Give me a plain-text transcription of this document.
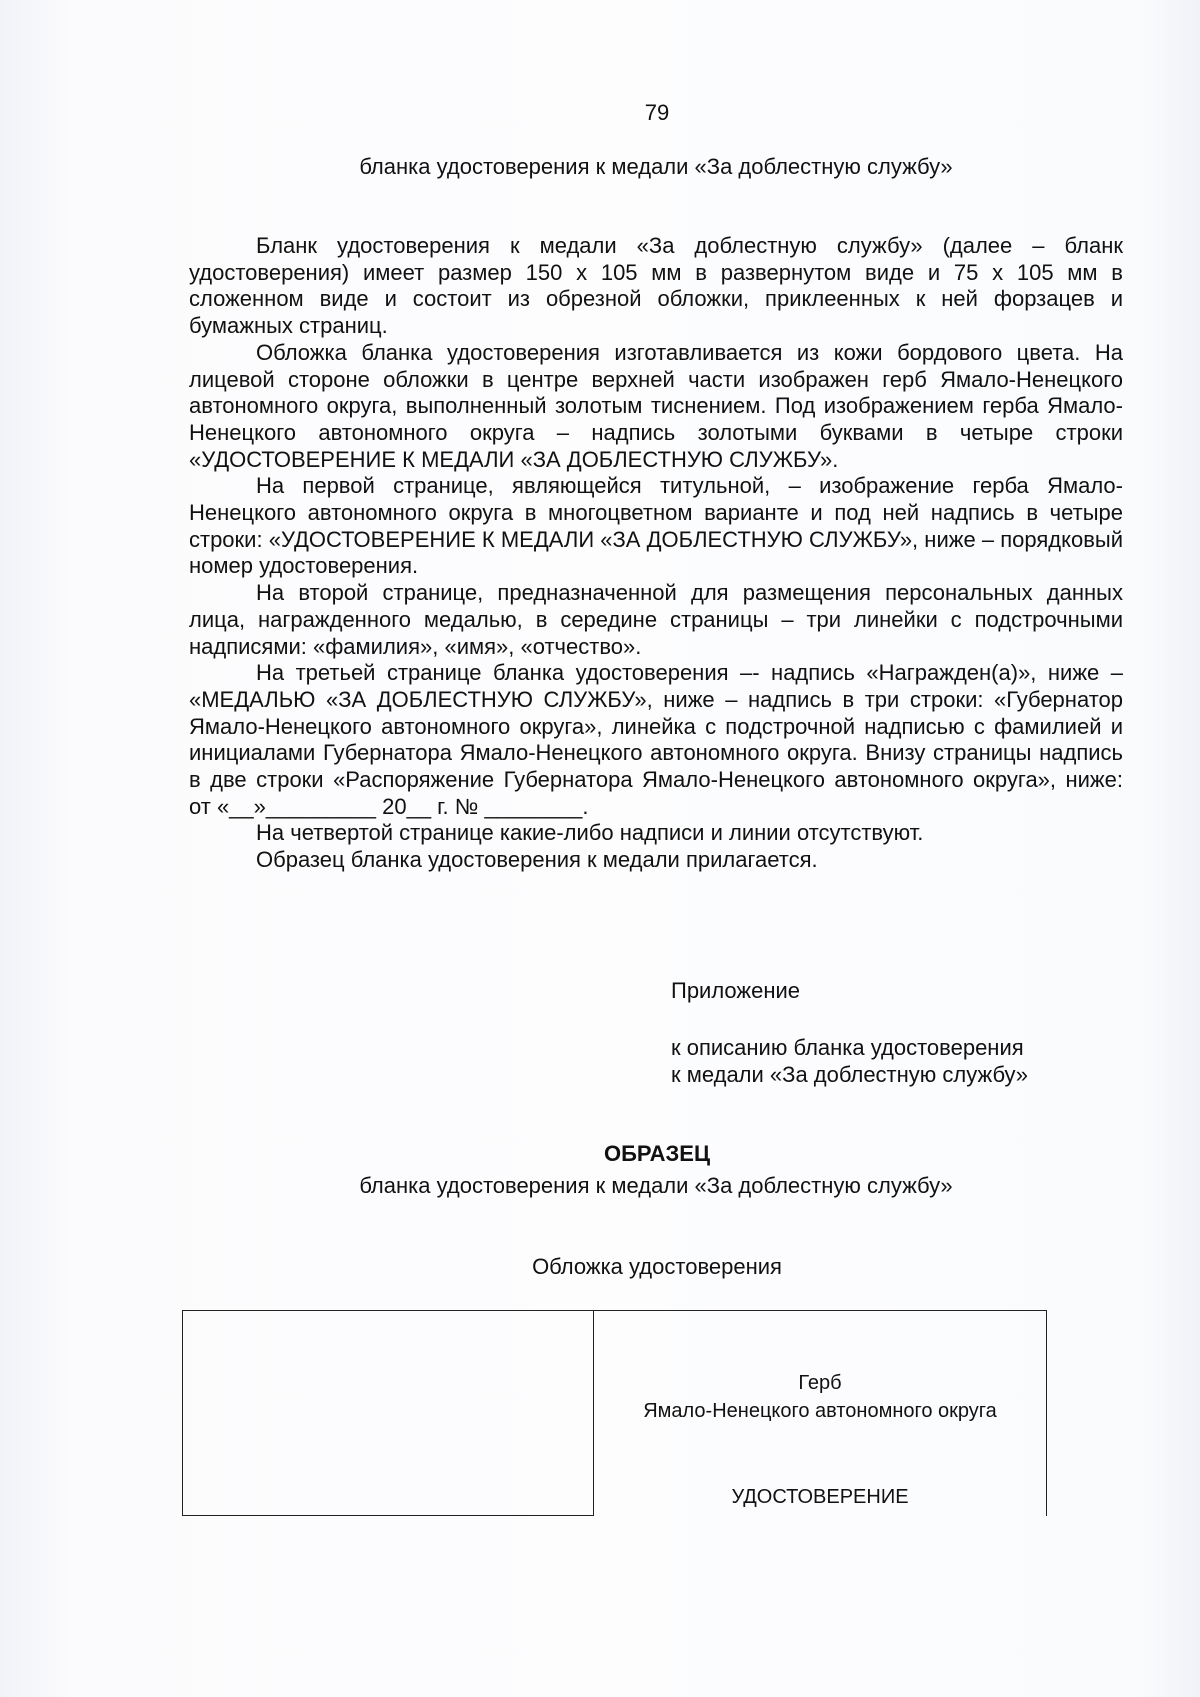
79
бланка удостоверения к медали «За доблестную службу»

Бланк удостоверения к медали «За доблестную службу» (далее – бланк удостоверения) имеет размер 150 х 105 мм в развернутом виде и 75 х 105 мм в сложенном виде и состоит из обрезной обложки, приклеенных к ней форзацев и бумажных страниц.

Обложка бланка удостоверения изготавливается из кожи бордового цвета. На лицевой стороне обложки в центре верхней части изображен герб Ямало-Ненецкого автономного округа, выполненный золотым тиснением. Под изображением герба Ямало-Ненецкого автономного округа – надпись золотыми буквами в четыре строки «УДОСТОВЕРЕНИЕ К МЕДАЛИ «ЗА ДОБЛЕСТНУЮ СЛУЖБУ».

На первой странице, являющейся титульной, – изображение герба Ямало-Ненецкого автономного округа в многоцветном варианте и под ней надпись в четыре строки: «УДОСТОВЕРЕНИЕ К МЕДАЛИ «ЗА ДОБЛЕСТНУЮ СЛУЖБУ», ниже – порядковый номер удостоверения.

На второй странице, предназначенной для размещения персональных данных лица, награжденного медалью, в середине страницы – три линейки с подстрочными надписями: «фамилия», «имя», «отчество».

На третьей странице бланка удостоверения –- надпись «Награжден(а)», ниже – «МЕДАЛЬЮ «ЗА ДОБЛЕСТНУЮ СЛУЖБУ», ниже – надпись в три строки: «Губернатор Ямало-Ненецкого автономного округа», линейка с подстрочной надписью с фамилией и инициалами Губернатора Ямало-Ненецкого автономного округа. Внизу страницы надпись в две строки «Распоряжение Губернатора Ямало-Ненецкого автономного округа», ниже: от «__»_________ 20__ г. № ________.

На четвертой странице какие-либо надписи и линии отсутствуют.

Образец бланка удостоверения к медали прилагается.

Приложение
к описанию бланка удостоверения
к медали «За доблестную службу»
ОБРАЗЕЦ
бланка удостоверения к медали «За доблестную службу»
Обложка удостоверения
Герб
Ямало-Ненецкого автономного округа
УДОСТОВЕРЕНИЕ
